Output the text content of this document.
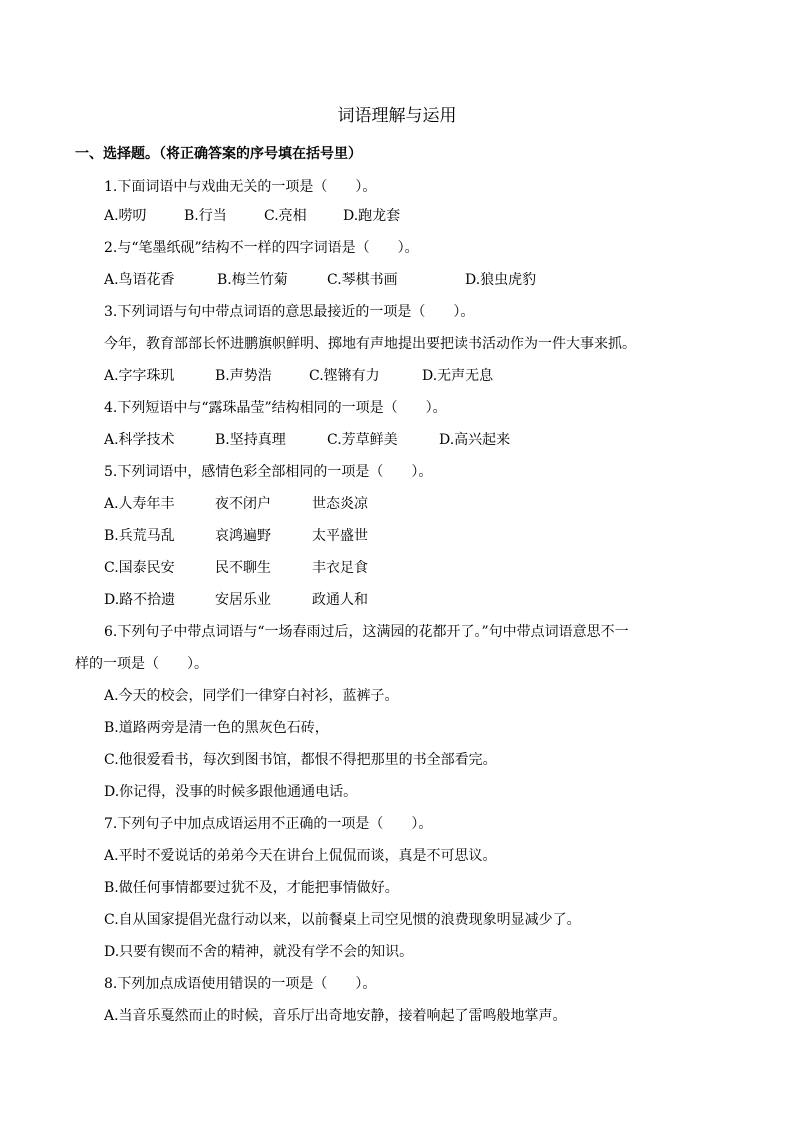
词语理解与运用
一、选择题。（将正确答案的序号填在括号里）
1.下面词语中与戏曲无关的一项是（　　）。
A.唠叨	B.行当	C.亮相	D.跑龙套
2.与“笔墨纸砚”结构不一样的四字词语是（　　）。
A.鸟语花香	B.梅兰竹菊	C.琴棋书画	D.狼虫虎豹
3.下列词语与句中带点词语的意思最接近的一项是（　　）。
今年，教育部部长怀进鹏旗帜鲜明、掷地有声地提出要把读书活动作为一件大事来抓。
A.字字珠玑	B.声势浩	C.铿锵有力	D.无声无息
4.下列短语中与“露珠晶莹”结构相同的一项是（　　）。
A.科学技术	B.坚持真理	C.芳草鲜美	D.高兴起来
5.下列词语中，感情色彩全部相同的一项是（　　）。
A.人寿年丰	夜不闭户	世态炎凉
B.兵荒马乱	哀鸿遍野	太平盛世
C.国泰民安	民不聊生	丰衣足食
D.路不拾遗	安居乐业	政通人和
6.下列句子中带点词语与“一场春雨过后，这满园的花都开了。”句中带点词语意思不一
样的一项是（　　）。
A.今天的校会，同学们一律穿白衬衫，蓝裤子。
B.道路两旁是清一色的黑灰色石砖，
C.他很爱看书，每次到图书馆，都恨不得把那里的书全部看完。
D.你记得，没事的时候多跟他通通电话。
7.下列句子中加点成语运用不正确的一项是（　　）。
A.平时不爱说话的弟弟今天在讲台上侃侃而谈，真是不可思议。
B.做任何事情都要过犹不及，才能把事情做好。
C.自从国家提倡光盘行动以来，以前餐桌上司空见惯的浪费现象明显减少了。
D.只要有锲而不舍的精神，就没有学不会的知识。
8.下列加点成语使用错误的一项是（　　）。
A.当音乐戛然而止的时候，音乐厅出奇地安静，接着响起了雷鸣般地掌声。
